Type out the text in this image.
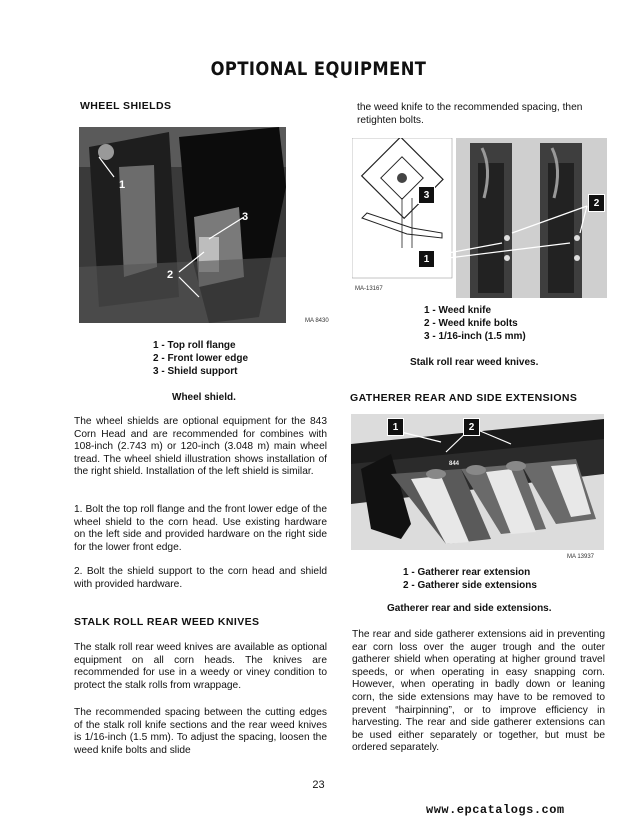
OPTIONAL EQUIPMENT
WHEEL SHIELDS
1
2
3
MA 8430
1 - Top roll flange
2 - Front lower edge
3 - Shield support
Wheel shield.
The wheel shields are optional equipment for the 843 Corn Head and are recommended for combines with 108-inch (2.743 m) or 120-inch (3.048 m) main wheel tread. The wheel shield illustration shows installation of the right shield. Installation of the left shield is similar.
1. Bolt the top roll flange and the front lower edge of the wheel shield to the corn head. Use existing hardware on the left side and provided hardware on the right side for the lower front edge.
2. Bolt the shield support to the corn head and shield with provided hardware.
STALK ROLL REAR WEED KNIVES
The stalk roll rear weed knives are available as optional equipment on all corn heads. The knives are recommended for use in a weedy or viney condition to protect the stalk rolls from wrappage.
The recommended spacing between the cutting edges of the stalk roll knife sections and the rear weed knives is 1/16-inch (1.5 mm). To adjust the spacing, loosen the weed knife bolts and slide
the weed knife to the recommended spacing, then retighten bolts.
3
1
2
MA-13167
1 - Weed knife
2 - Weed knife bolts
3 - 1/16-inch (1.5 mm)
Stalk roll rear weed knives.
GATHERER REAR AND SIDE EXTENSIONS
1	2
844
MA 13937
1 - Gatherer rear extension
2 - Gatherer side extensions
Gatherer rear and side extensions.
The rear and side gatherer extensions aid in preventing ear corn loss over the auger trough and the outer gatherer shield when operating at higher ground travel speeds, or when operating in easy snapping corn. However, when operating in badly down or leaning corn, the side extensions may have to be removed to prevent “hairpinning”, or to improve efficiency in harvesting. The rear and side gatherer extensions can be used either separately or together, but must be ordered separately.
23
www.epcatalogs.com
